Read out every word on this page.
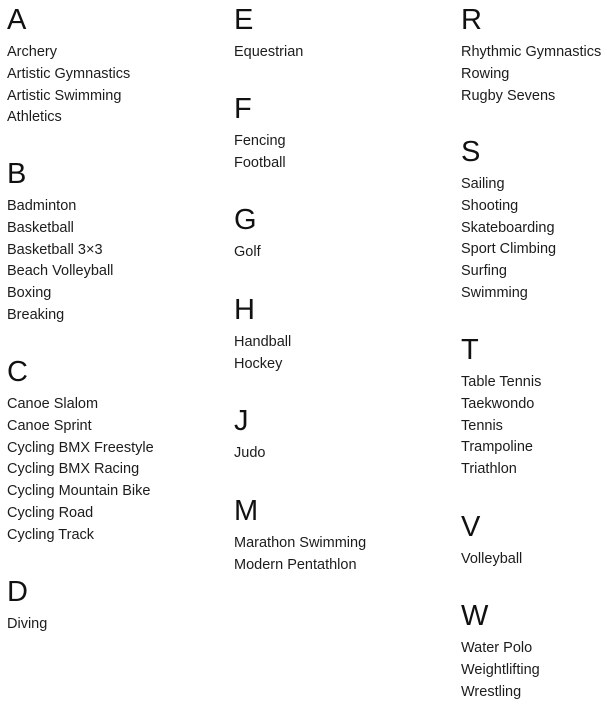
A
Archery
Artistic Gymnastics
Artistic Swimming
Athletics
B
Badminton
Basketball
Basketball 3×3
Beach Volleyball
Boxing
Breaking
C
Canoe Slalom
Canoe Sprint
Cycling BMX Freestyle
Cycling BMX Racing
Cycling Mountain Bike
Cycling Road
Cycling Track
D
Diving
E
Equestrian
F
Fencing
Football
G
Golf
H
Handball
Hockey
J
Judo
M
Marathon Swimming
Modern Pentathlon
R
Rhythmic Gymnastics
Rowing
Rugby Sevens
S
Sailing
Shooting
Skateboarding
Sport Climbing
Surfing
Swimming
T
Table Tennis
Taekwondo
Tennis
Trampoline
Triathlon
V
Volleyball
W
Water Polo
Weightlifting
Wrestling
